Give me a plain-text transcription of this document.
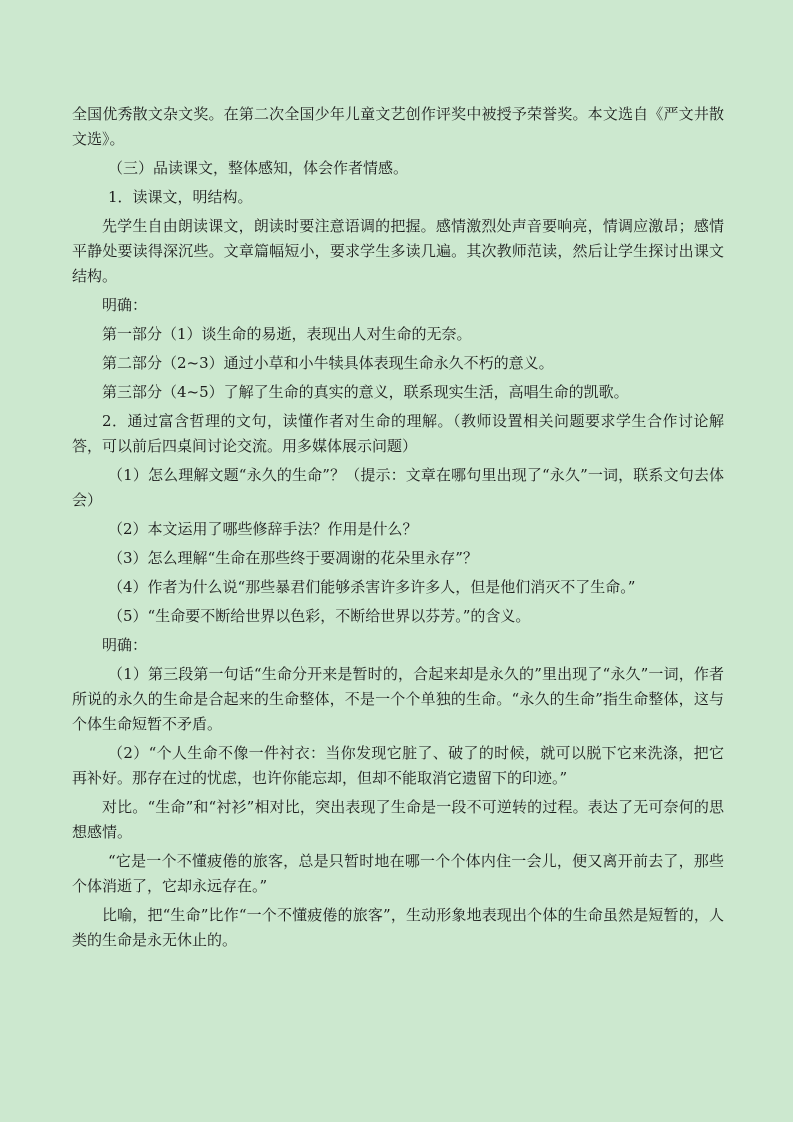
全国优秀散文杂文奖。在第二次全国少年儿童文艺创作评奖中被授予荣誉奖。本文选自《严文井散文选》。

（三）品读课文，整体感知，体会作者情感。

1．读课文，明结构。

先学生自由朗读课文，朗读时要注意语调的把握。感情激烈处声音要响亮，情调应激昂；感情平静处要读得深沉些。文章篇幅短小，要求学生多读几遍。其次教师范读，然后让学生探讨出课文结构。

明确：

第一部分（1）谈生命的易逝，表现出人对生命的无奈。

第二部分（2~3）通过小草和小牛犊具体表现生命永久不朽的意义。

第三部分（4~5）了解了生命的真实的意义，联系现实生活，高唱生命的凯歌。

2．通过富含哲理的文句，读懂作者对生命的理解。（教师设置相关问题要求学生合作讨论解答，可以前后四桌间讨论交流。用多媒体展示问题）

（1）怎么理解文题“永久的生命”？（提示：文章在哪句里出现了“永久”一词，联系文句去体会）

（2）本文运用了哪些修辞手法？作用是什么？

（3）怎么理解“生命在那些终于要凋谢的花朵里永存”？

（4）作者为什么说“那些暴君们能够杀害许多许多人，但是他们消灭不了生命。”

（5）“生命要不断给世界以色彩，不断给世界以芬芳。”的含义。

明确：

（1）第三段第一句话“生命分开来是暂时的，合起来却是永久的”里出现了“永久”一词，作者所说的永久的生命是合起来的生命整体，不是一个个单独的生命。“永久的生命”指生命整体，这与个体生命短暂不矛盾。

（2）“个人生命不像一件衬衣：当你发现它脏了、破了的时候，就可以脱下它来洗涤，把它再补好。那存在过的忧虑，也许你能忘却，但却不能取消它遗留下的印迹。”

对比。“生命”和“衬衫”相对比，突出表现了生命是一段不可逆转的过程。表达了无可奈何的思想感情。

“它是一个不懂疲倦的旅客，总是只暂时地在哪一个个体内住一会儿，便又离开前去了，那些个体消逝了，它却永远存在。”

比喻，把“生命”比作“一个不懂疲倦的旅客”，生动形象地表现出个体的生命虽然是短暂的，人类的生命是永无休止的。
